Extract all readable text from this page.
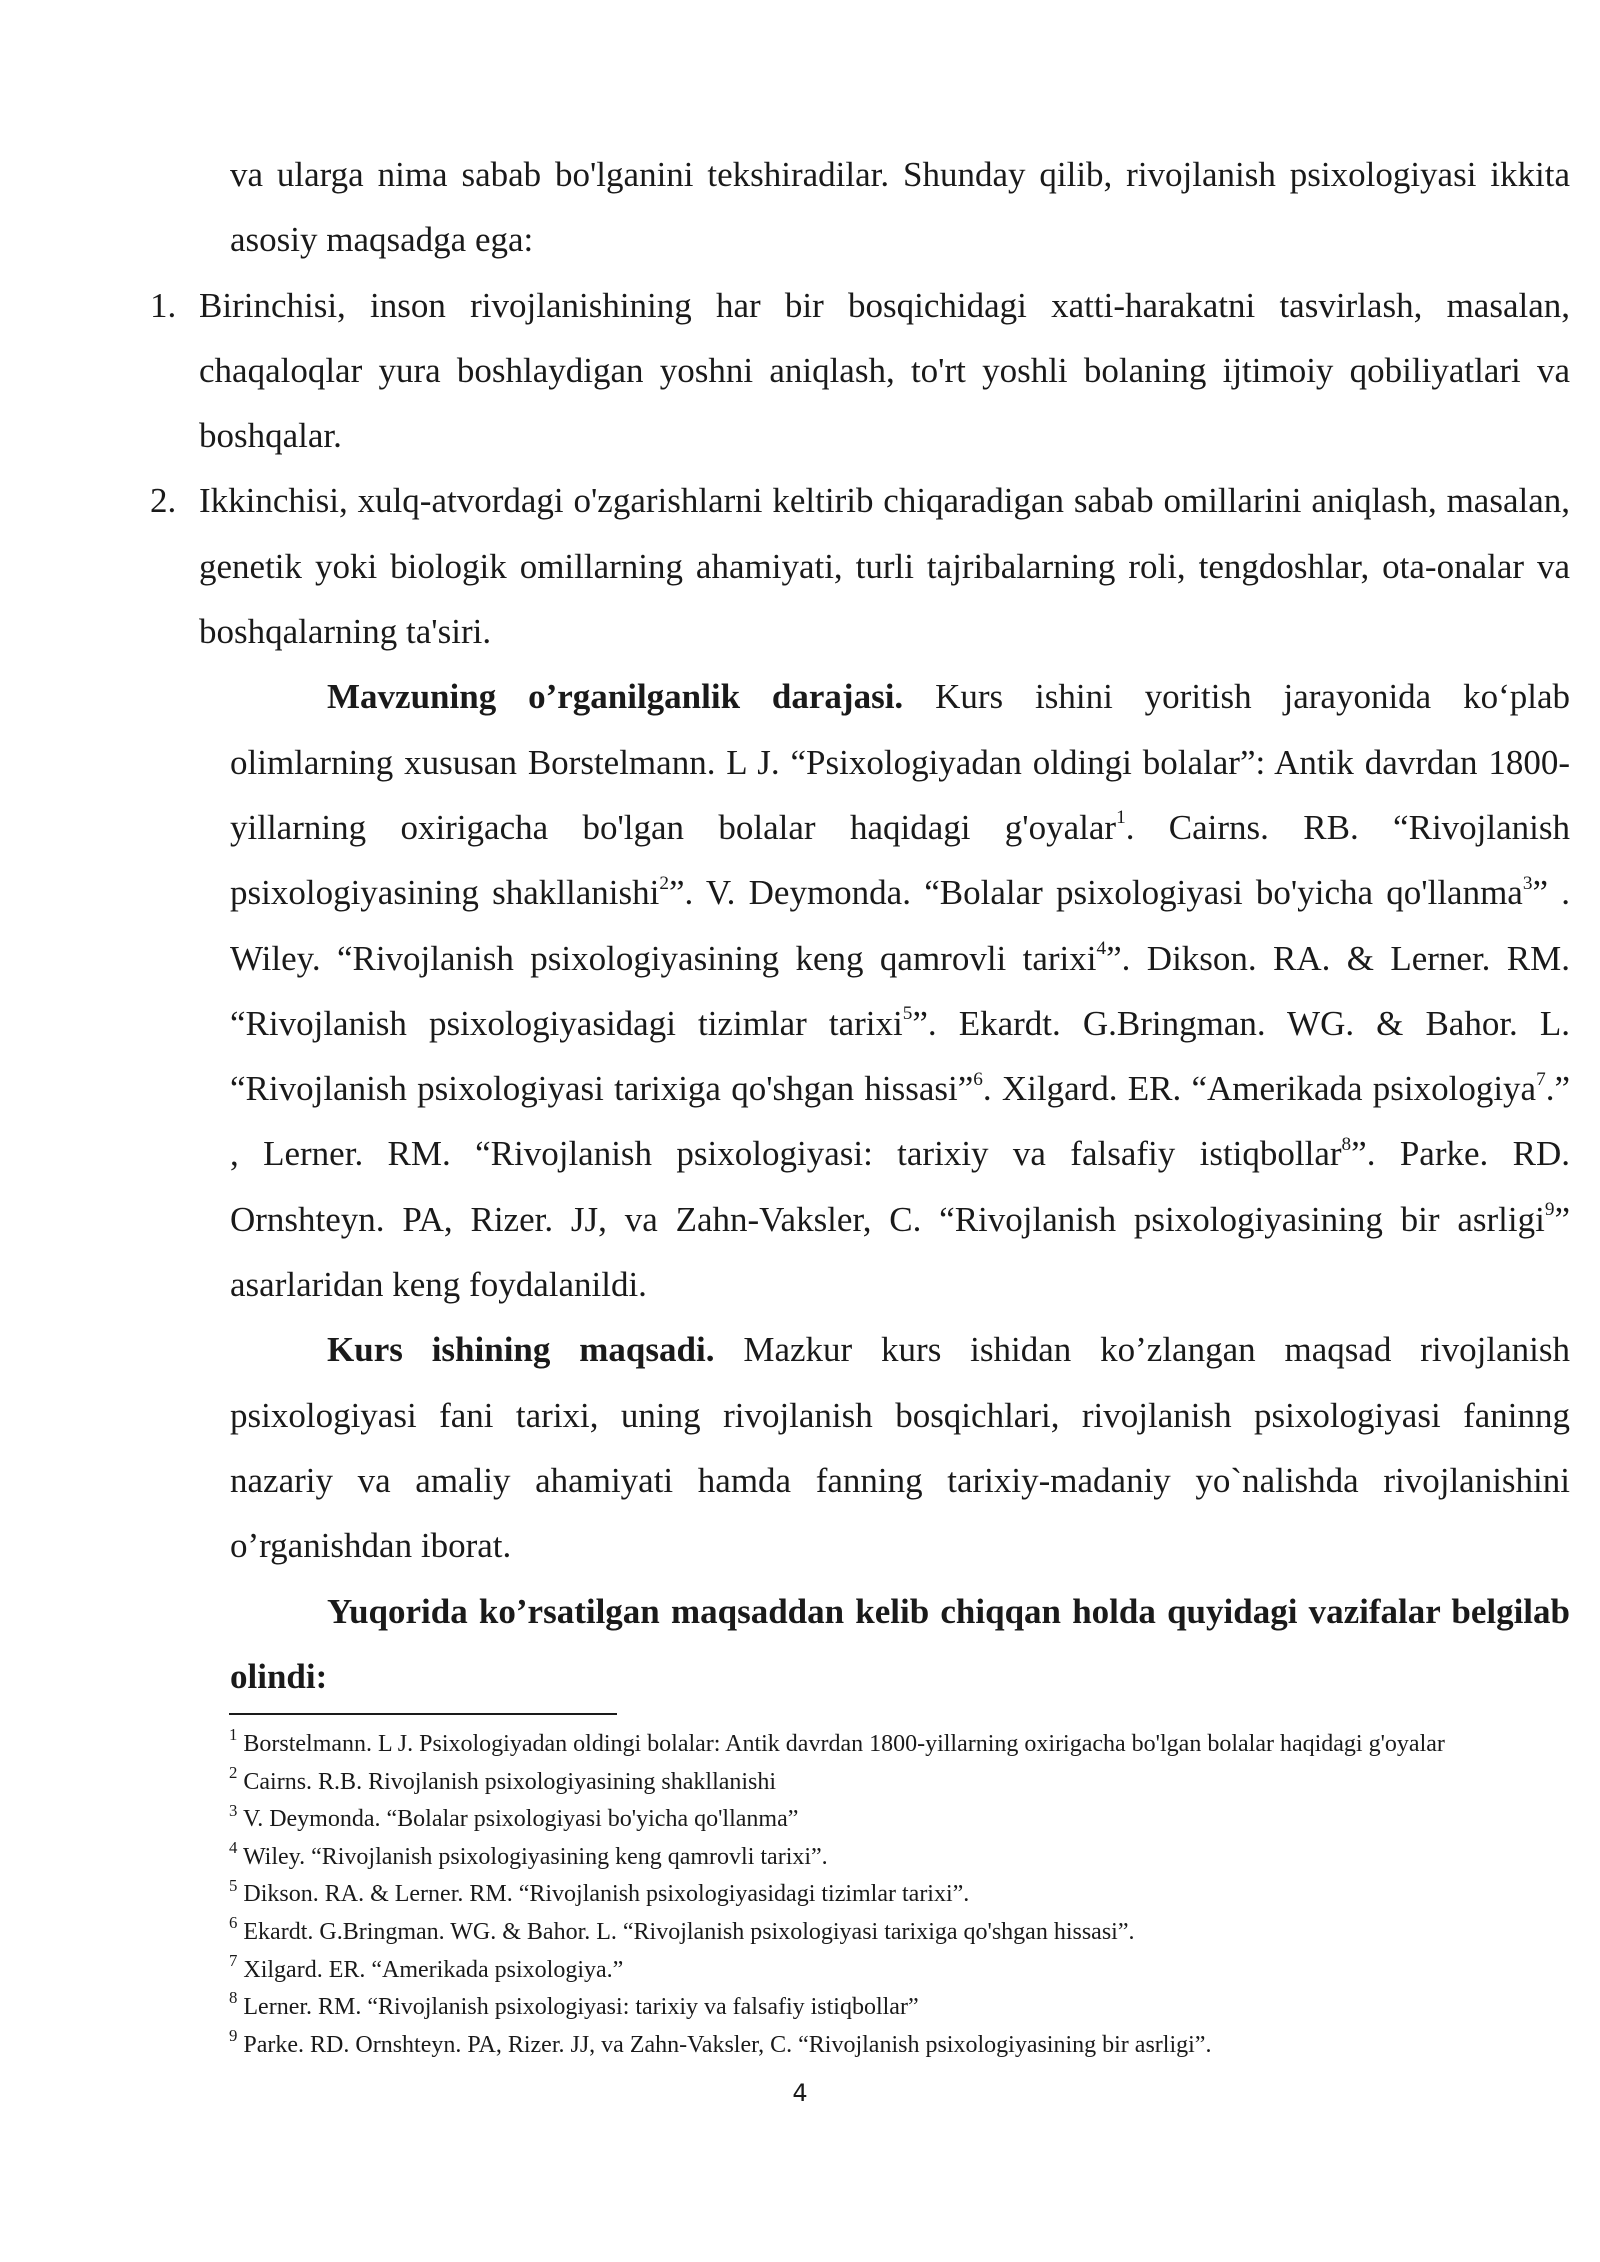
va ularga nima sabab bo'lganini tekshiradilar. Shunday qilib, rivojlanish psixologiyasi ikkita asosiy maqsadga ega:

1. Birinchisi, inson rivojlanishining har bir bosqichidagi xatti-harakatni tasvirlash, masalan, chaqaloqlar yura boshlaydigan yoshni aniqlash, to'rt yoshli bolaning ijtimoiy qobiliyatlari va boshqalar.
2. Ikkinchisi, xulq-atvordagi o'zgarishlarni keltirib chiqaradigan sabab omillarini aniqlash, masalan, genetik yoki biologik omillarning ahamiyati, turli tajribalarning roli, tengdoshlar, ota-onalar va boshqalarning ta'siri.

Mavzuning o’rganilganlik darajasi. Kurs ishini yoritish jarayonida ko‘plab olimlarning xususan Borstelmann. L J. “Psixologiyadan oldingi bolalar”: Antik davrdan 1800-yillarning oxirigacha bo'lgan bolalar haqidagi g'oyalar$^1$. Cairns. RB. “Rivojlanish psixologiyasining shakllanishi$^2$”. V. Deymonda. “Bolalar psixologiyasi bo'yicha qo'llanma$^3$” . Wiley. “Rivojlanish psixologiyasining keng qamrovli tarixi$^4$”. Dikson. RA. & Lerner. RM. “Rivojlanish psixologiyasidagi tizimlar tarixi$^5$”. Ekardt. G.Bringman. WG. & Bahor. L. “Rivojlanish psixologiyasi tarixiga qo'shgan hissasi”$^6$. Xilgard. ER. “Amerikada psixologiya$^7$.” , Lerner. RM. “Rivojlanish psixologiyasi: tarixiy va falsafiy istiqbollar$^8$”. Parke. RD. Ornshteyn. PA, Rizer. JJ, va Zahn-Vaksler, C. “Rivojlanish psixologiyasining bir asrligi$^9$” asarlaridan keng foydalanildi.

Kurs ishining maqsadi. Mazkur kurs ishidan ko’zlangan maqsad rivojlanish psixologiyasi fani tarixi, uning rivojlanish bosqichlari, rivojlanish psixologiyasi faninng nazariy va amaliy ahamiyati hamda fanning tarixiy-madaniy yo`nalishda rivojlanishini o’rganishdan iborat.

Yuqorida ko’rsatilgan maqsaddan kelib chiqqan holda quyidagi vazifalar belgilab olindi:

$^1$ Borstelmann. L J. Psixologiyadan oldingi bolalar: Antik davrdan 1800-yillarning oxirigacha bo'lgan bolalar haqidagi g'oyalar

$^2$ Cairns. R.B. Rivojlanish psixologiyasining shakllanishi

$^3$ V. Deymonda. “Bolalar psixologiyasi bo'yicha qo'llanma”

$^4$ Wiley. “Rivojlanish psixologiyasining keng qamrovli tarixi”.

$^5$ Dikson. RA. & Lerner. RM. “Rivojlanish psixologiyasidagi tizimlar tarixi”.

$^6$ Ekardt. G.Bringman. WG. & Bahor. L. “Rivojlanish psixologiyasi tarixiga qo'shgan hissasi”.

$^7$ Xilgard. ER. “Amerikada psixologiya.”

$^8$ Lerner. RM. “Rivojlanish psixologiyasi: tarixiy va falsafiy istiqbollar”

$^9$ Parke. RD. Ornshteyn. PA, Rizer. JJ, va Zahn-Vaksler, C. “Rivojlanish psixologiyasining bir asrligi”.

4
